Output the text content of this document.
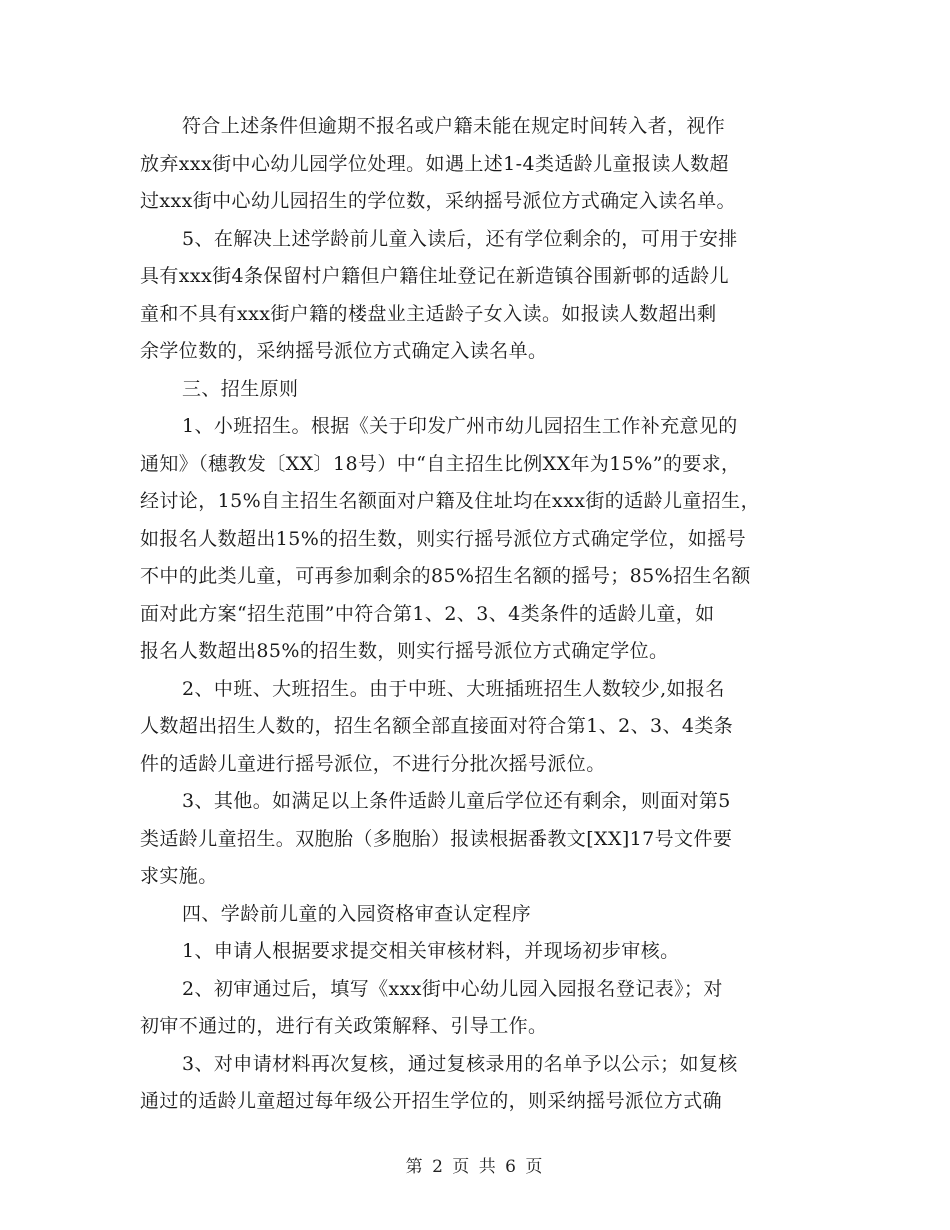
符合上述条件但逾期不报名或户籍未能在规定时间转入者，视作
放弃xxx街中心幼儿园学位处理。如遇上述1-4类适龄儿童报读人数超
过xxx街中心幼儿园招生的学位数，采纳摇号派位方式确定入读名单。
5、在解决上述学龄前儿童入读后，还有学位剩余的，可用于安排
具有xxx街4条保留村户籍但户籍住址登记在新造镇谷围新邨的适龄儿
童和不具有xxx街户籍的楼盘业主适龄子女入读。如报读人数超出剩
余学位数的，采纳摇号派位方式确定入读名单。
三、招生原则
1、小班招生。根据《关于印发广州市幼儿园招生工作补充意见的
通知》（穗教发〔XX〕18号）中“自主招生比例XX年为15%”的要求，
经讨论，15%自主招生名额面对户籍及住址均在xxx街的适龄儿童招生，
如报名人数超出15%的招生数，则实行摇号派位方式确定学位，如摇号
不中的此类儿童，可再参加剩余的85%招生名额的摇号；85%招生名额
面对此方案“招生范围”中符合第1、2、3、4类条件的适龄儿童，如
报名人数超出85%的招生数，则实行摇号派位方式确定学位。
2、中班、大班招生。由于中班、大班插班招生人数较少,如报名
人数超出招生人数的，招生名额全部直接面对符合第1、2、3、4类条
件的适龄儿童进行摇号派位，不进行分批次摇号派位。
3、其他。如满足以上条件适龄儿童后学位还有剩余，则面对第5
类适龄儿童招生。双胞胎（多胞胎）报读根据番教文[XX]17号文件要
求实施。
四、学龄前儿童的入园资格审查认定程序
1、申请人根据要求提交相关审核材料，并现场初步审核。
2、初审通过后，填写《xxx街中心幼儿园入园报名登记表》；对
初审不通过的，进行有关政策解释、引导工作。
3、对申请材料再次复核，通过复核录用的名单予以公示；如复核
通过的适龄儿童超过每年级公开招生学位的，则采纳摇号派位方式确
第 2 页 共 6 页
